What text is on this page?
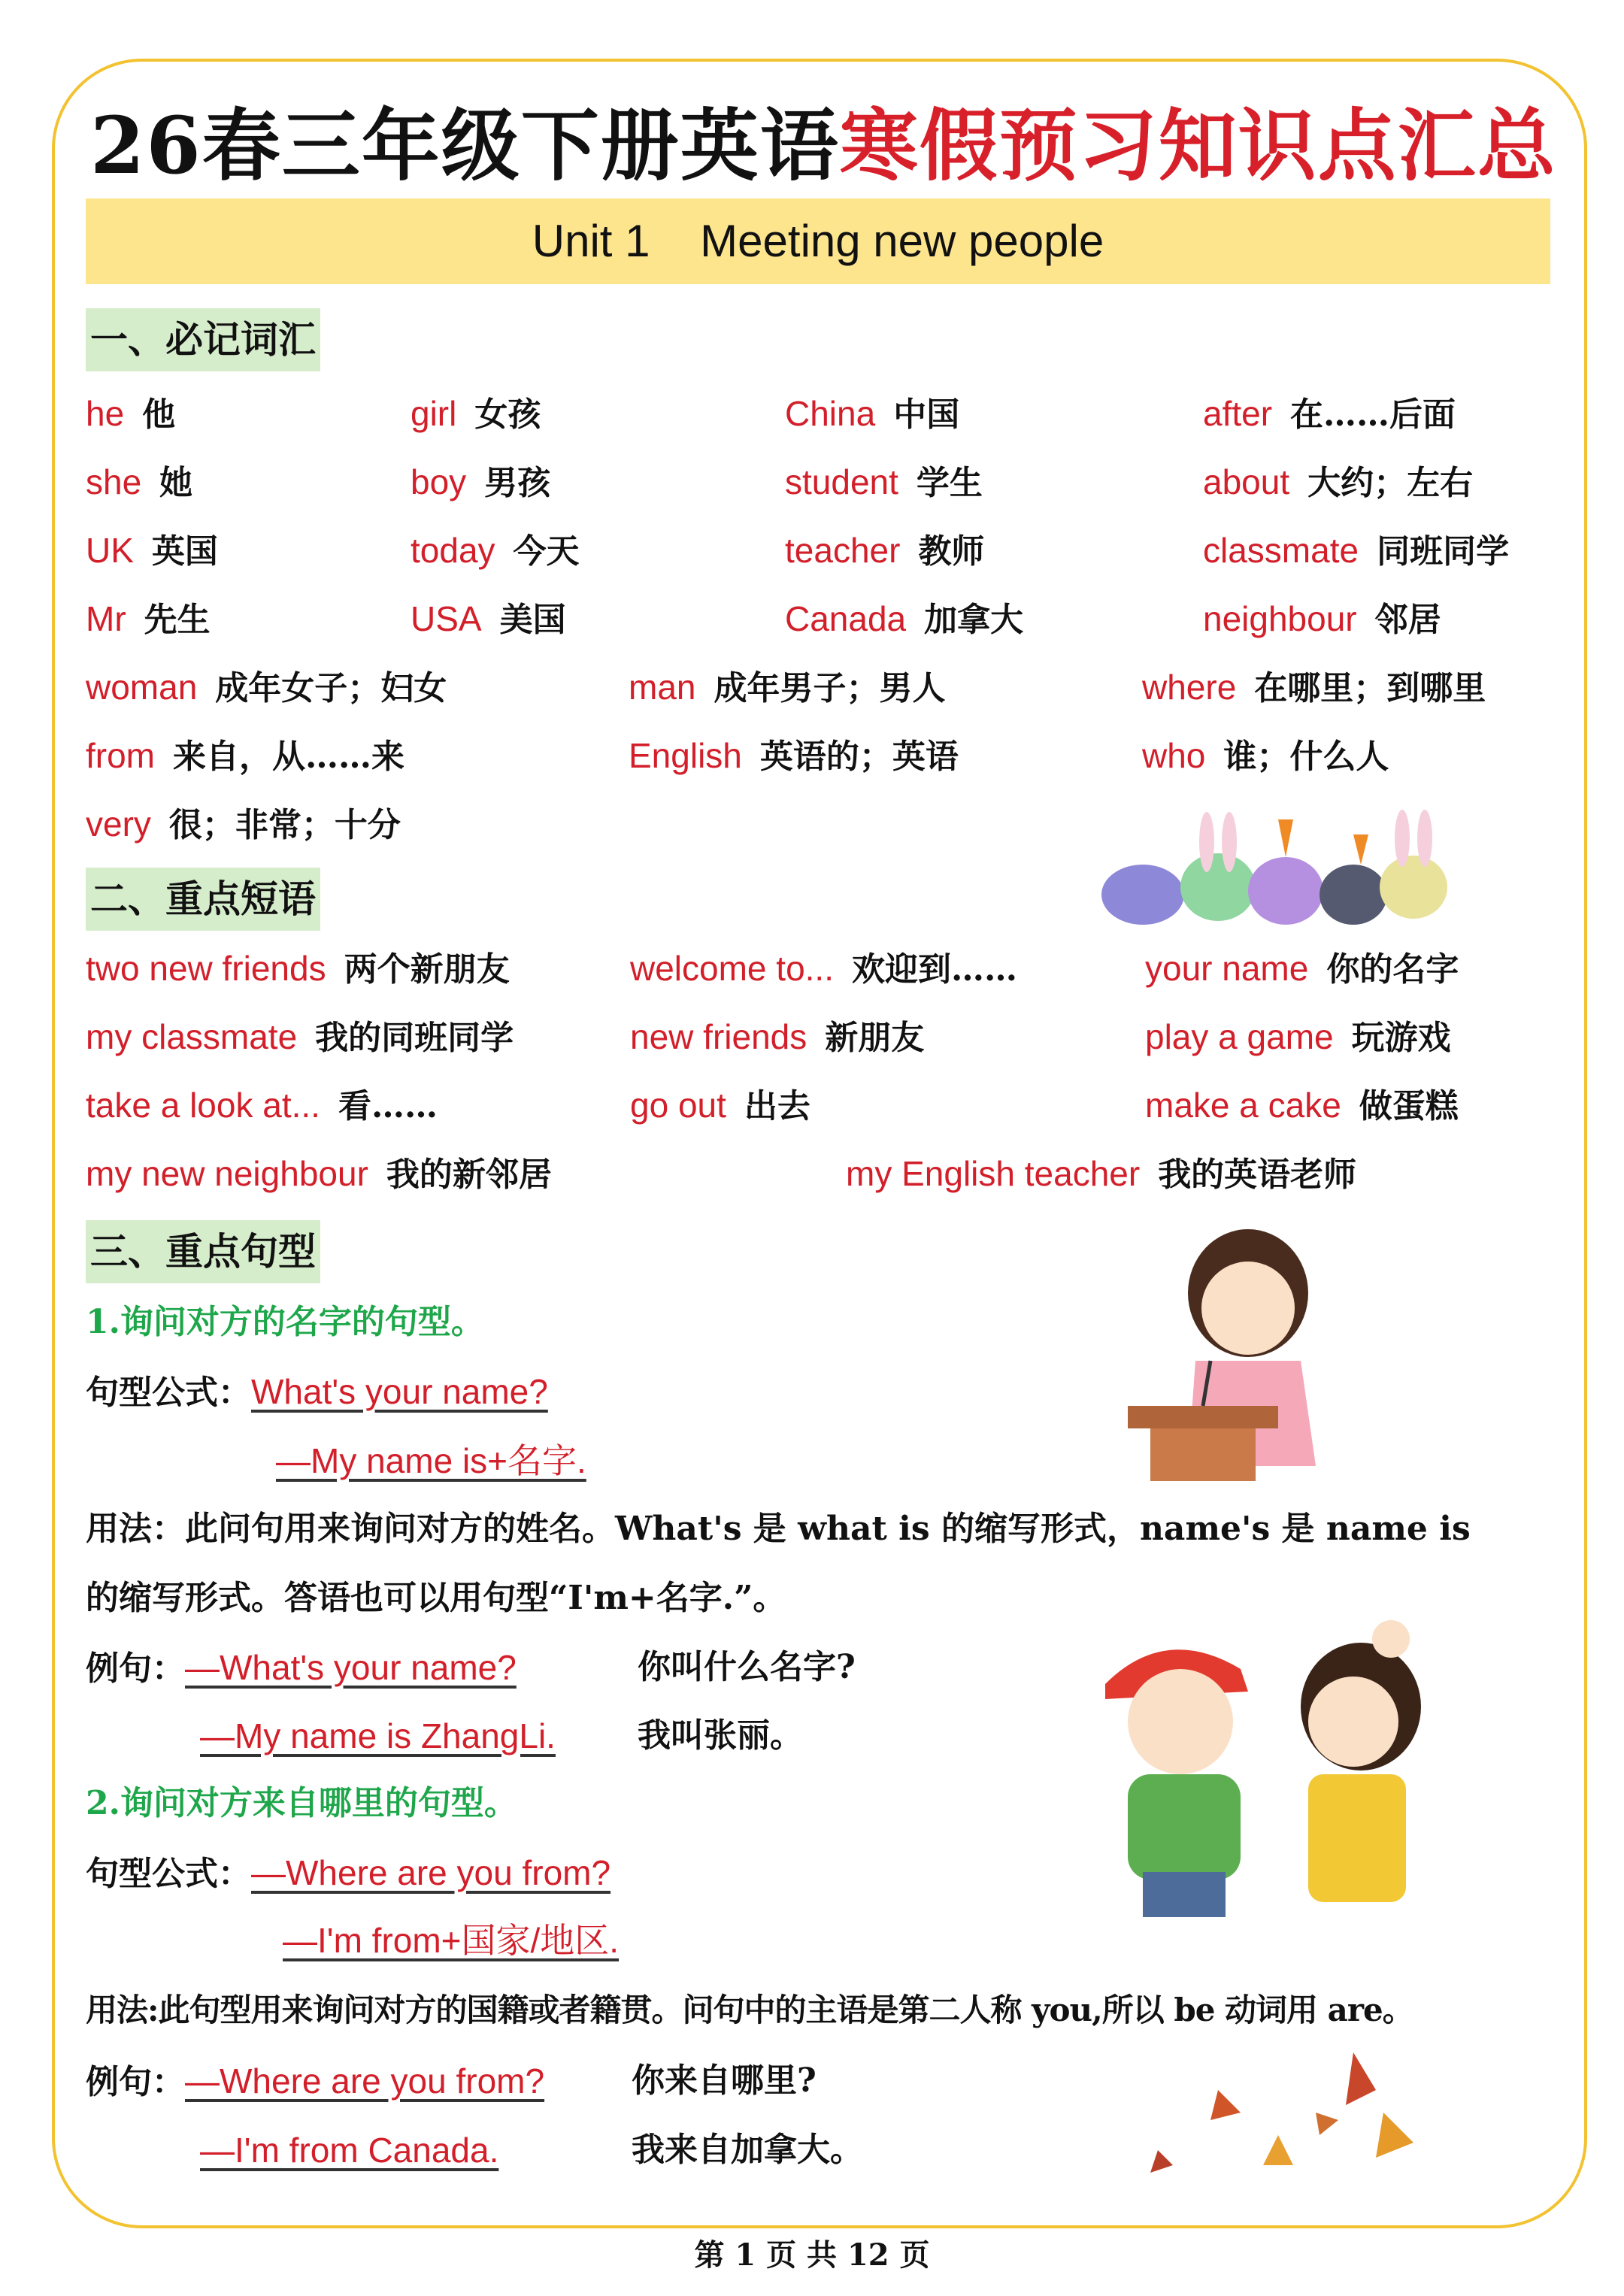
26春三年级下册英语寒假预习知识点汇总
Unit 1    Meeting new people
一、必记词汇
he 他	girl 女孩	China 中国	after 在……后面
she 她	boy 男孩	student 学生	about 大约；左右
UK 英国	today 今天	teacher 教师	classmate 同班同学
Mr 先生	USA 美国	Canada 加拿大	neighbour 邻居
woman 成年女子；妇女	man 成年男子；男人	where 在哪里；到哪里
from 来自，从……来	English 英语的；英语	who 谁；什么人
very 很；非常；十分
二、重点短语
two new friends 两个新朋友	welcome to... 欢迎到……	your name 你的名字
my classmate 我的同班同学	new friends 新朋友	play a game 玩游戏
take a look at... 看……	go out 出去	make a cake 做蛋糕
my new neighbour 我的新邻居	my English teacher 我的英语老师
三、重点句型
1.询问对方的名字的句型。
句型公式：What's your name?
—My name is+名字.
用法：此问句用来询问对方的姓名。What's 是 what is 的缩写形式，name's 是 name is
的缩写形式。答语也可以用句型“I'm+名字.”。
例句：—What's your name?	你叫什么名字?
—My name is ZhangLi. 我叫张丽。
2.询问对方来自哪里的句型。
句型公式：—Where are you from?
—I'm from+国家/地区.
用法:此句型用来询问对方的国籍或者籍贯。问句中的主语是第二人称 you,所以 be 动词用 are。
例句：—Where are you from?	你来自哪里?
—I'm from Canada.	我来自加拿大。
第 1 页 共 12 页
